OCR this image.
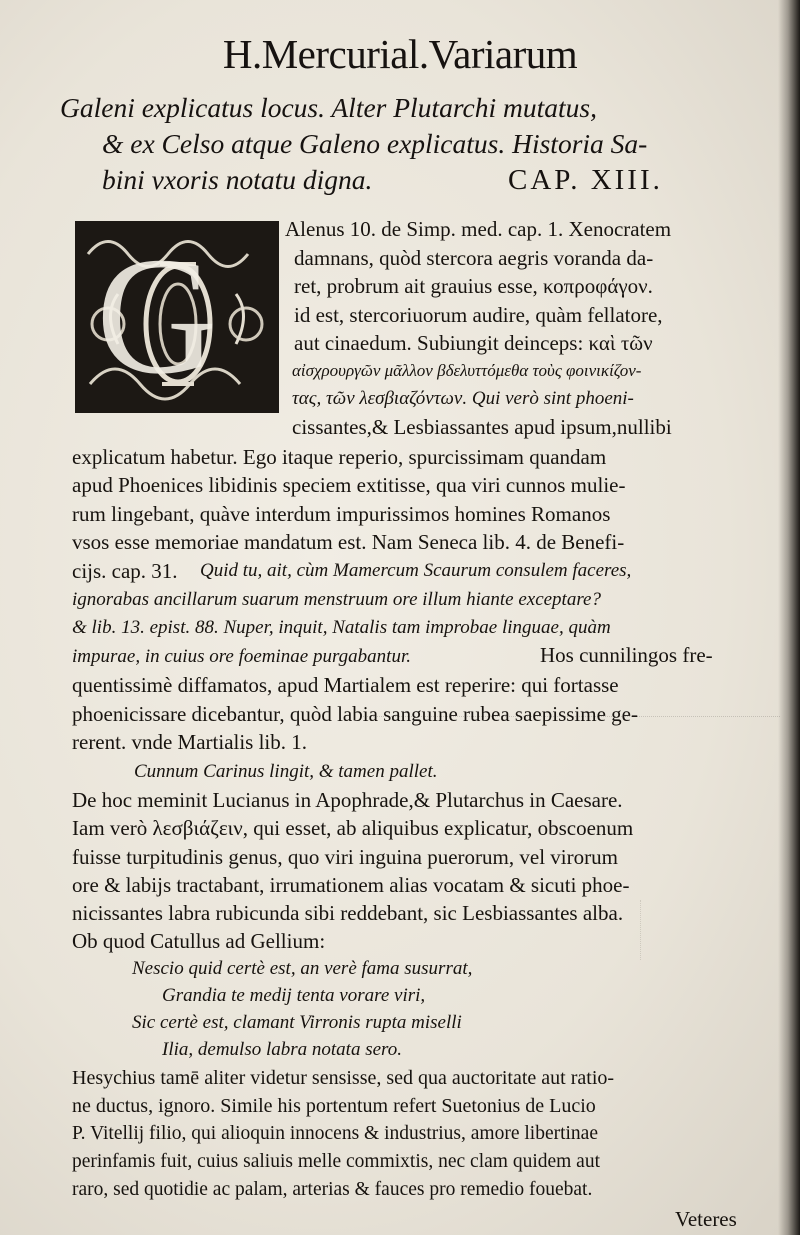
H.Mercurial.Variarum
Galeni explicatus locus. Alter Plutarchi mutatus,
& ex Celso atque Galeno explicatus. Historia Sa-
bini vxoris notatu digna.	CAP. XIII.
G	Alenus 10. de Simp. med. cap. 1. Xenocratem
damnans, quòd stercora aegris voranda da-
ret, probrum ait grauius esse, κοπροφάγον.
id est, stercoriuorum audire, quàm fellatore,
aut cinaedum. Subiungit deinceps: καὶ τῶν
αἰσχρουργῶν μᾶλλον βδελυττόμεθα τοὺς φοινικίζον-
τας, τῶν λεσβιαζόντων. Qui verò sint phoeni-
cissantes,& Lesbiassantes apud ipsum,nullibi
explicatum habetur. Ego itaque reperio, spurcissimam quandam
apud Phoenices libidinis speciem extitisse, qua viri cunnos mulie-
rum lingebant, quàve interdum impurissimos homines Romanos
vsos esse memoriae mandatum est. Nam Seneca lib. 4. de Benefi-
cijs. cap. 31. Quid tu, ait, cùm Mamercum Scaurum consulem faceres,
ignorabas ancillarum suarum menstruum ore illum hiante exceptare?
& lib. 13. epist. 88. Nuper, inquit, Natalis tam improbae linguae, quàm
impurae, in cuius ore foeminae purgabantur.	Hos cunnilingos fre-
quentissimè diffamatos, apud Martialem est reperire: qui fortasse
phoenicissare dicebantur, quòd labia sanguine rubea saepissime ge-
rerent. vnde Martialis lib. 1.
Cunnum Carinus lingit, & tamen pallet.
De hoc meminit Lucianus in Apophrade,& Plutarchus in Caesare.
Iam verò λεσβιάζειν, qui esset, ab aliquibus explicatur, obscoenum
fuisse turpitudinis genus, quo viri inguina puerorum, vel virorum
ore & labijs tractabant, irrumationem alias vocatam & sicuti phoe-
nicissantes labra rubicunda sibi reddebant, sic Lesbiassantes alba.
Ob quod Catullus ad Gellium:
Nescio quid certè est, an verè fama susurrat,
Grandia te medij tenta vorare viri,
Sic certè est, clamant Virronis rupta miselli
Ilia, demulso labra notata sero.
Hesychius tamē aliter videtur sensisse, sed qua auctoritate aut ratio-
ne ductus, ignoro. Simile his portentum refert Suetonius de Lucio
P. Vitellij filio, qui alioquin innocens & industrius, amore libertinae
perinfamis fuit, cuius saliuis melle commixtis, nec clam quidem aut
raro, sed quotidie ac palam, arterias & fauces pro remedio fouebat.
Veteres
